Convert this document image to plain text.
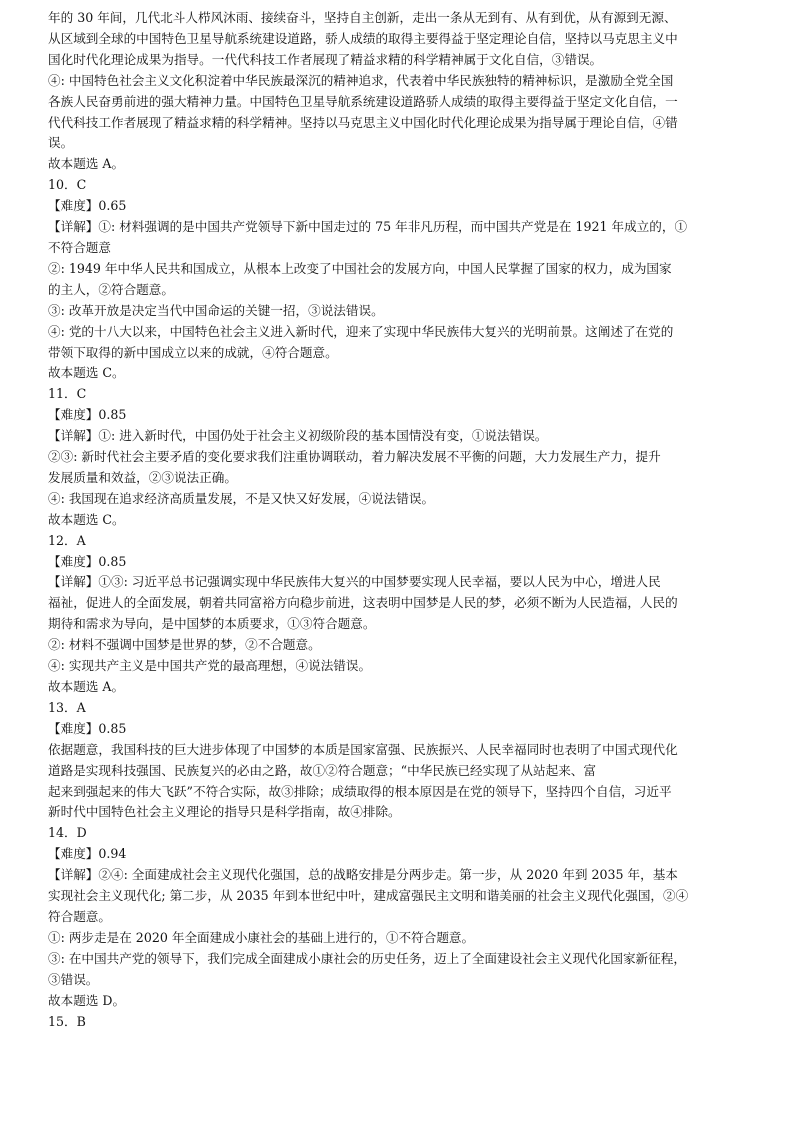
年的 30 年间，几代北斗人栉风沐雨、接续奋斗，坚持自主创新，走出一条从无到有、从有到优，从有源到无源、

从区域到全球的中国特色卫星导航系统建设道路，骄人成绩的取得主要得益于坚定理论自信，坚持以马克思主义中

国化时代化理论成果为指导。一代代科技工作者展现了精益求精的科学精神属于文化自信，③错误。

④: 中国特色社会主义文化积淀着中华民族最深沉的精神追求，代表着中华民族独特的精神标识，是激励全党全国

各族人民奋勇前进的强大精神力量。中国特色卫星导航系统建设道路骄人成绩的取得主要得益于坚定文化自信，一

代代科技工作者展现了精益求精的科学精神。坚持以马克思主义中国化时代化理论成果为指导属于理论自信，④错

误。

故本题选 A。

10．C

【难度】0.65

【详解】①: 材料强调的是中国共产党领导下新中国走过的 75 年非凡历程，而中国共产党是在 1921 年成立的，①

不符合题意

②: 1949 年中华人民共和国成立，从根本上改变了中国社会的发展方向，中国人民掌握了国家的权力，成为国家

的主人，②符合题意。

③: 改革开放是决定当代中国命运的关键一招，③说法错误。

④: 党的十八大以来，中国特色社会主义进入新时代，迎来了实现中华民族伟大复兴的光明前景。这阐述了在党的

带领下取得的新中国成立以来的成就，④符合题意。

故本题选 C。

11．C

【难度】0.85

【详解】①: 进入新时代，中国仍处于社会主义初级阶段的基本国情没有变，①说法错误。

②③: 新时代社会主要矛盾的变化要求我们注重协调联动，着力解决发展不平衡的问题，大力发展生产力，提升

发展质量和效益，②③说法正确。

④: 我国现在追求经济高质量发展，不是又快又好发展，④说法错误。

故本题选 C。

12．A

【难度】0.85

【详解】①③: 习近平总书记强调实现中华民族伟大复兴的中国梦要实现人民幸福，要以人民为中心，增进人民

福祉，促进人的全面发展，朝着共同富裕方向稳步前进，这表明中国梦是人民的梦，必须不断为人民造福，人民的

期待和需求为导向，是中国梦的本质要求，①③符合题意。

②: 材料不强调中国梦是世界的梦，②不合题意。

④: 实现共产主义是中国共产党的最高理想，④说法错误。

故本题选 A。

13．A

【难度】0.85

依据题意，我国科技的巨大进步体现了中国梦的本质是国家富强、民族振兴、人民幸福同时也表明了中国式现代化

道路是实现科技强国、民族复兴的必由之路，故①②符合题意；“中华民族已经实现了从站起来、富

起来到强起来的伟大飞跃”不符合实际，故③排除；成绩取得的根本原因是在党的领导下，坚持四个自信，习近平

新时代中国特色社会主义理论的指导只是科学指南，故④排除。

14．D

【难度】0.94

【详解】②④: 全面建成社会主义现代化强国，总的战略安排是分两步走。第一步，从 2020 年到 2035 年，基本

实现社会主义现代化; 第二步，从 2035 年到本世纪中叶，建成富强民主文明和谐美丽的社会主义现代化强国，②④

符合题意。

①: 两步走是在 2020 年全面建成小康社会的基础上进行的，①不符合题意。

③: 在中国共产党的领导下，我们完成全面建成小康社会的历史任务，迈上了全面建设社会主义现代化国家新征程，

③错误。

故本题选 D。

15．B
